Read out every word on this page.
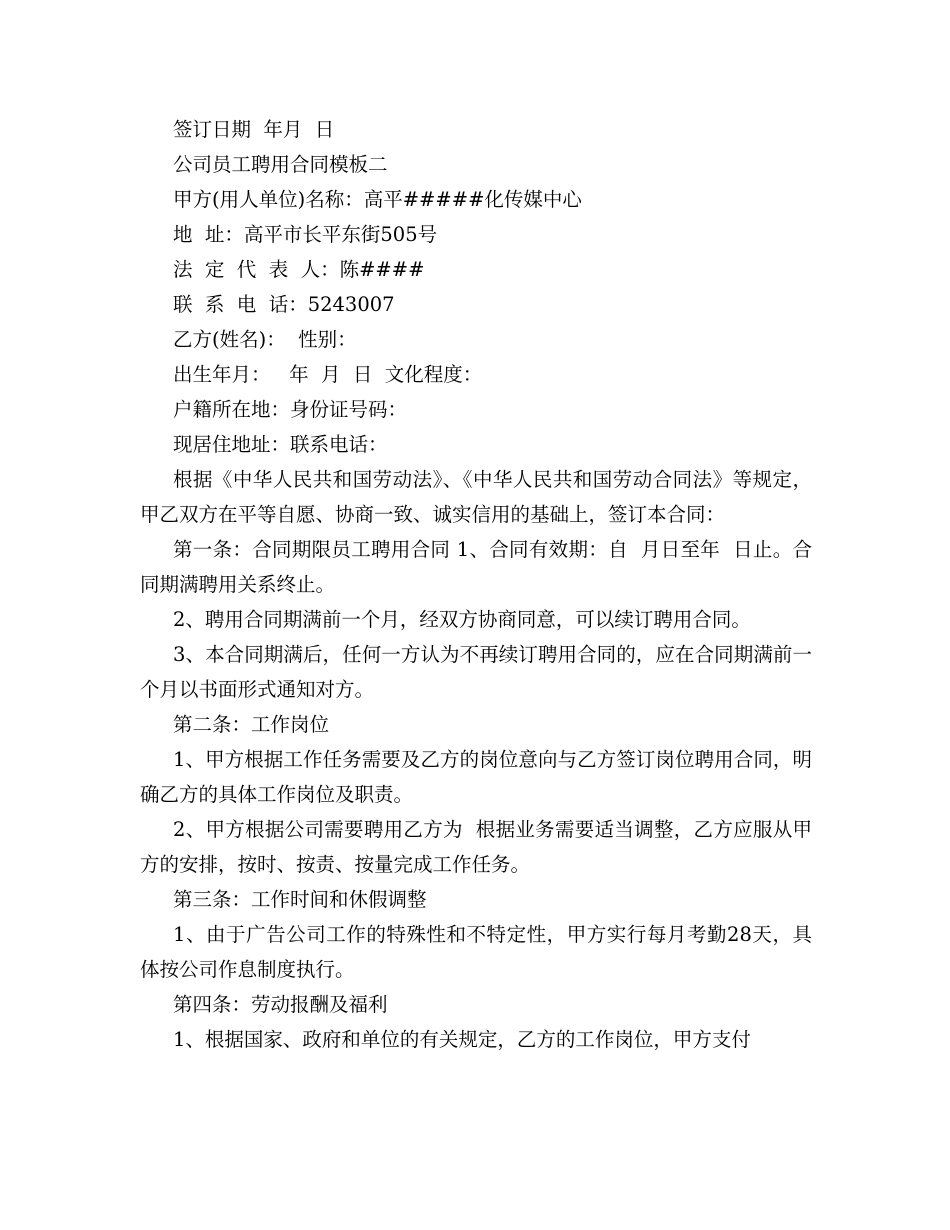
签订日期  年月  日

公司员工聘用合同模板二

甲方(用人单位)名称：高平#####化传媒中心

地  址：高平市长平东街505号

法  定  代  表  人：陈####

联  系  电  话：5243007

乙方(姓名)：  性别：

出生年月：   年  月  日  文化程度：

户籍所在地：身份证号码：

现居住地址：联系电话：

根据《中华人民共和国劳动法》、《中华人民共和国劳动合同法》等规定，甲乙双方在平等自愿、协商一致、诚实信用的基础上，签订本合同：

第一条：合同期限员工聘用合同 1、合同有效期：自  月日至年  日止。合同期满聘用关系终止。

2、聘用合同期满前一个月，经双方协商同意，可以续订聘用合同。

3、本合同期满后，任何一方认为不再续订聘用合同的，应在合同期满前一个月以书面形式通知对方。

第二条：工作岗位

1、甲方根据工作任务需要及乙方的岗位意向与乙方签订岗位聘用合同，明确乙方的具体工作岗位及职责。

2、甲方根据公司需要聘用乙方为  根据业务需要适当调整，乙方应服从甲方的安排，按时、按责、按量完成工作任务。

第三条：工作时间和休假调整

1、由于广告公司工作的特殊性和不特定性，甲方实行每月考勤28天，具体按公司作息制度执行。

第四条：劳动报酬及福利

1、根据国家、政府和单位的有关规定，乙方的工作岗位，甲方支付
